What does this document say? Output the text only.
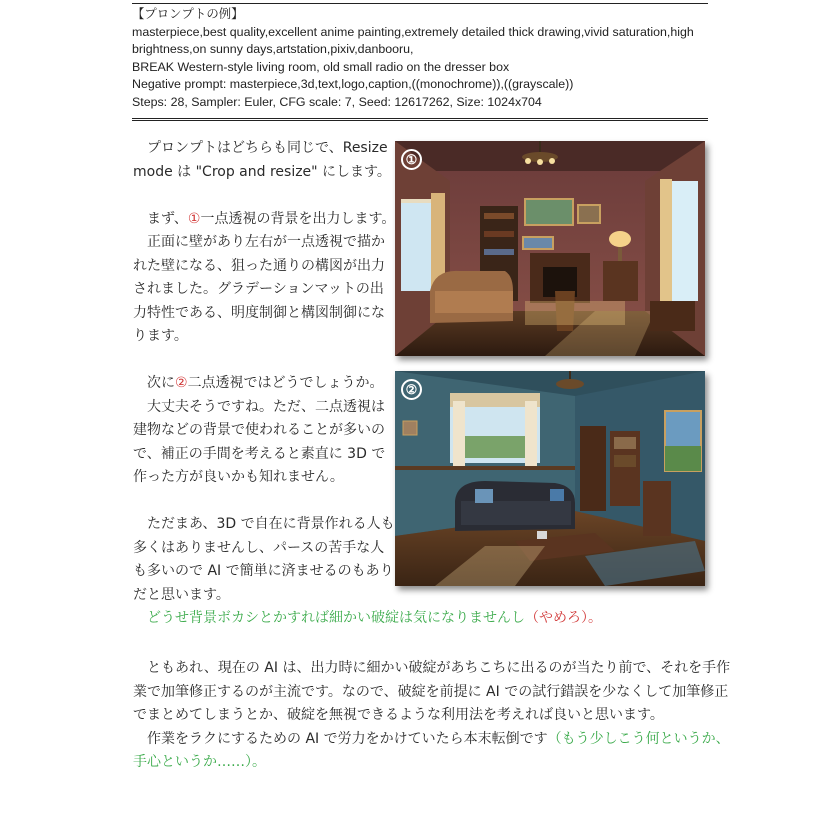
【プロンプトの例】
masterpiece,best quality,excellent anime painting,extremely detailed thick drawing,vivid saturation,high
brightness,on sunny days,artstation,pixiv,danbooru,
BREAK Western-style living room, old small radio on the dresser box
Negative prompt: masterpiece,3d,text,logo,caption,((monochrome)),((grayscale))
Steps: 28, Sampler: Euler, CFG scale: 7, Seed: 12617262, Size: 1024x704

　プロンプトはどちらも同じで、Resize

mode は "Crop and resize" にします。

　まず、①一点透視の背景を出力します。

　正面に壁があり左右が一点透視で描か

れた壁になる、狙った通りの構図が出力

されました。グラデーションマットの出

力特性である、明度制御と構図制御にな

ります。

①

　次に②二点透視ではどうでしょうか。

　大丈夫そうですね。ただ、二点透視は

建物などの背景で使われることが多いの

で、補正の手間を考えると素直に 3D で

作った方が良いかも知れません。

　ただまあ、3D で自在に背景作れる人も

多くはありませんし、パースの苦手な人

も多いので AI で簡単に済ませるのもあり

だと思います。

　どうせ背景ボカシとかすれば細かい破綻は気になりませんし（やめろ）。

②

　ともあれ、現在の AI は、出力時に細かい破綻があちこちに出るのが当たり前で、それを手作

業で加筆修正するのが主流です。なので、破綻を前提に AI での試行錯誤を少なくして加筆修正

でまとめてしまうとか、破綻を無視できるような利用法を考えれば良いと思います。

　作業をラクにするための AI で労力をかけていたら本末転倒です（もう少しこう何というか、

手心というか……）。
